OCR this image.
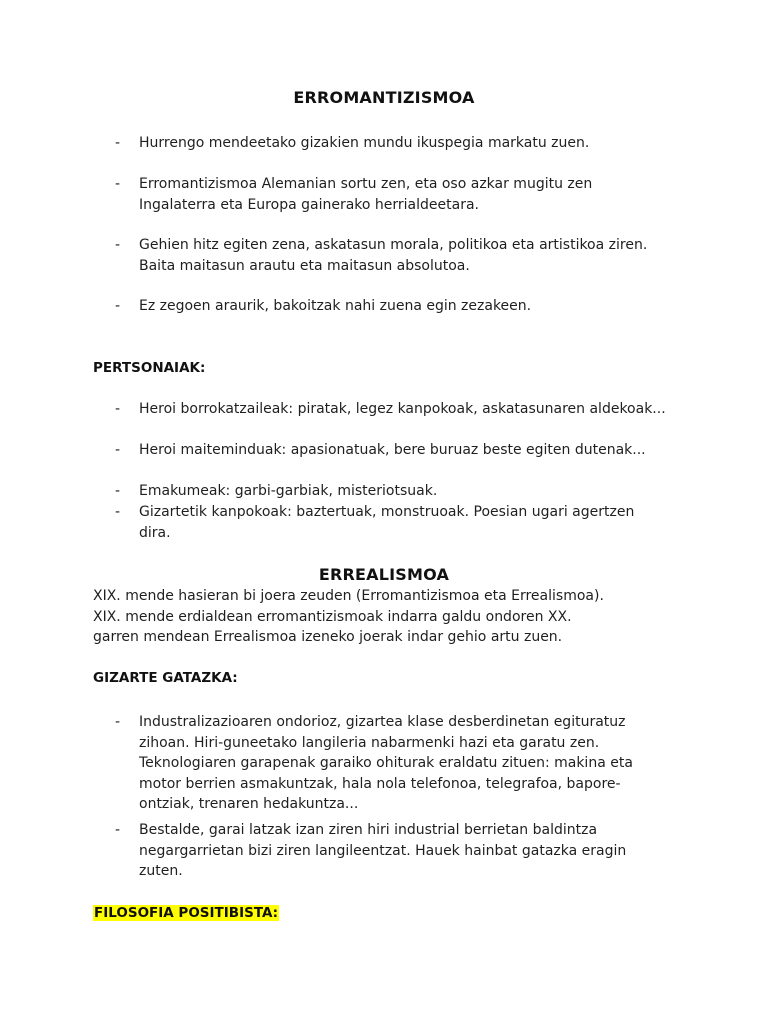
ERROMANTIZISMOA
-	Hurrengo mendeetako gizakien mundu ikuspegia markatu zuen.
-	Erromantizismoa Alemanian sortu zen, eta oso azkar mugitu zen Ingalaterra eta Europa gainerako herrialdeetara.
-	Gehien hitz egiten zena, askatasun morala, politikoa eta artistikoa ziren. Baita maitasun arautu eta maitasun absolutoa.
-	Ez zegoen araurik, bakoitzak nahi zuena egin zezakeen.
PERTSONAIAK:
-	Heroi borrokatzaileak: piratak, legez kanpokoak, askatasunaren aldekoak...
-	Heroi maiteminduak: apasionatuak, bere buruaz beste egiten dutenak...
-	Emakumeak: garbi-garbiak, misteriotsuak.
-	Gizartetik kanpokoak: baztertuak, monstruoak. Poesian ugari agertzen dira.
ERREALISMOA
XIX. mende hasieran bi joera zeuden (Erromantizismoa eta Errealismoa).
XIX. mende erdialdean erromantizismoak indarra galdu ondoren XX.
garren mendean Errealismoa izeneko joerak indar gehio artu zuen.
GIZARTE GATAZKA:
-	Industralizazioaren ondorioz, gizartea klase desberdinetan egituratuz zihoan. Hiri-guneetako langileria nabarmenki hazi eta garatu zen. Teknologiaren garapenak garaiko ohiturak eraldatu zituen: makina eta motor berrien asmakuntzak, hala nola telefonoa, telegrafoa, bapore-ontziak, trenaren hedakuntza...
-	Bestalde, garai latzak izan ziren hiri industrial berrietan baldintza negargarrietan bizi ziren langileentzat. Hauek hainbat gatazka eragin zuten.
FILOSOFIA POSITIBISTA:
